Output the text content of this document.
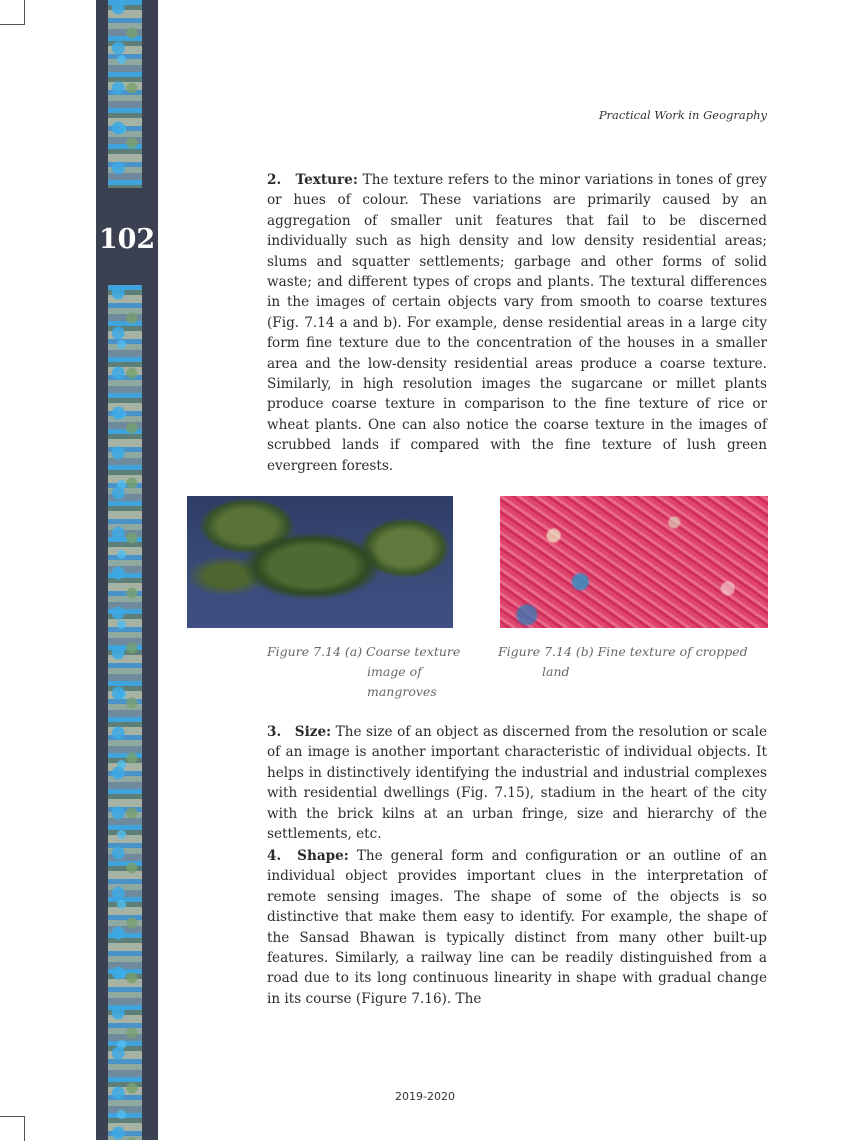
102
Practical Work in Geography

2. Texture: The texture refers to the minor variations in tones of grey or hues of colour. These variations are primarily caused by an aggregation of smaller unit features that fail to be discerned individually such as high density and low density residential areas; slums and squatter settlements; garbage and other forms of solid waste; and different types of crops and plants. The textural differences in the images of certain objects vary from smooth to coarse textures (Fig. 7.14 a and b). For example, dense residential areas in a large city form fine texture due to the concentration of the houses in a smaller area and the low-density residential areas produce a coarse texture. Similarly, in high resolution images the sugarcane or millet plants produce coarse texture in comparison to the fine texture of rice or wheat plants. One can also notice the coarse texture in the images of scrubbed lands if compared with the fine texture of lush green evergreen forests.

Figure 7.14 (a) Coarse texture
image of mangroves

Figure 7.14 (b) Fine texture of cropped
land

3. Size: The size of an object as discerned from the resolution or scale of an image is another important characteristic of individual objects. It helps in distinctively identifying the industrial and industrial complexes with residential dwellings (Fig. 7.15), stadium in the heart of the city with the brick kilns at an urban fringe, size and hierarchy of the settlements, etc.

4. Shape: The general form and configuration or an outline of an individual object provides important clues in the interpretation of remote sensing images. The shape of some of the objects is so distinctive that make them easy to identify. For example, the shape of the Sansad Bhawan is typically distinct from many other built-up features. Similarly, a railway line can be readily distinguished from a road due to its long continuous linearity in shape with gradual change in its course (Figure 7.16). The

2019-2020
